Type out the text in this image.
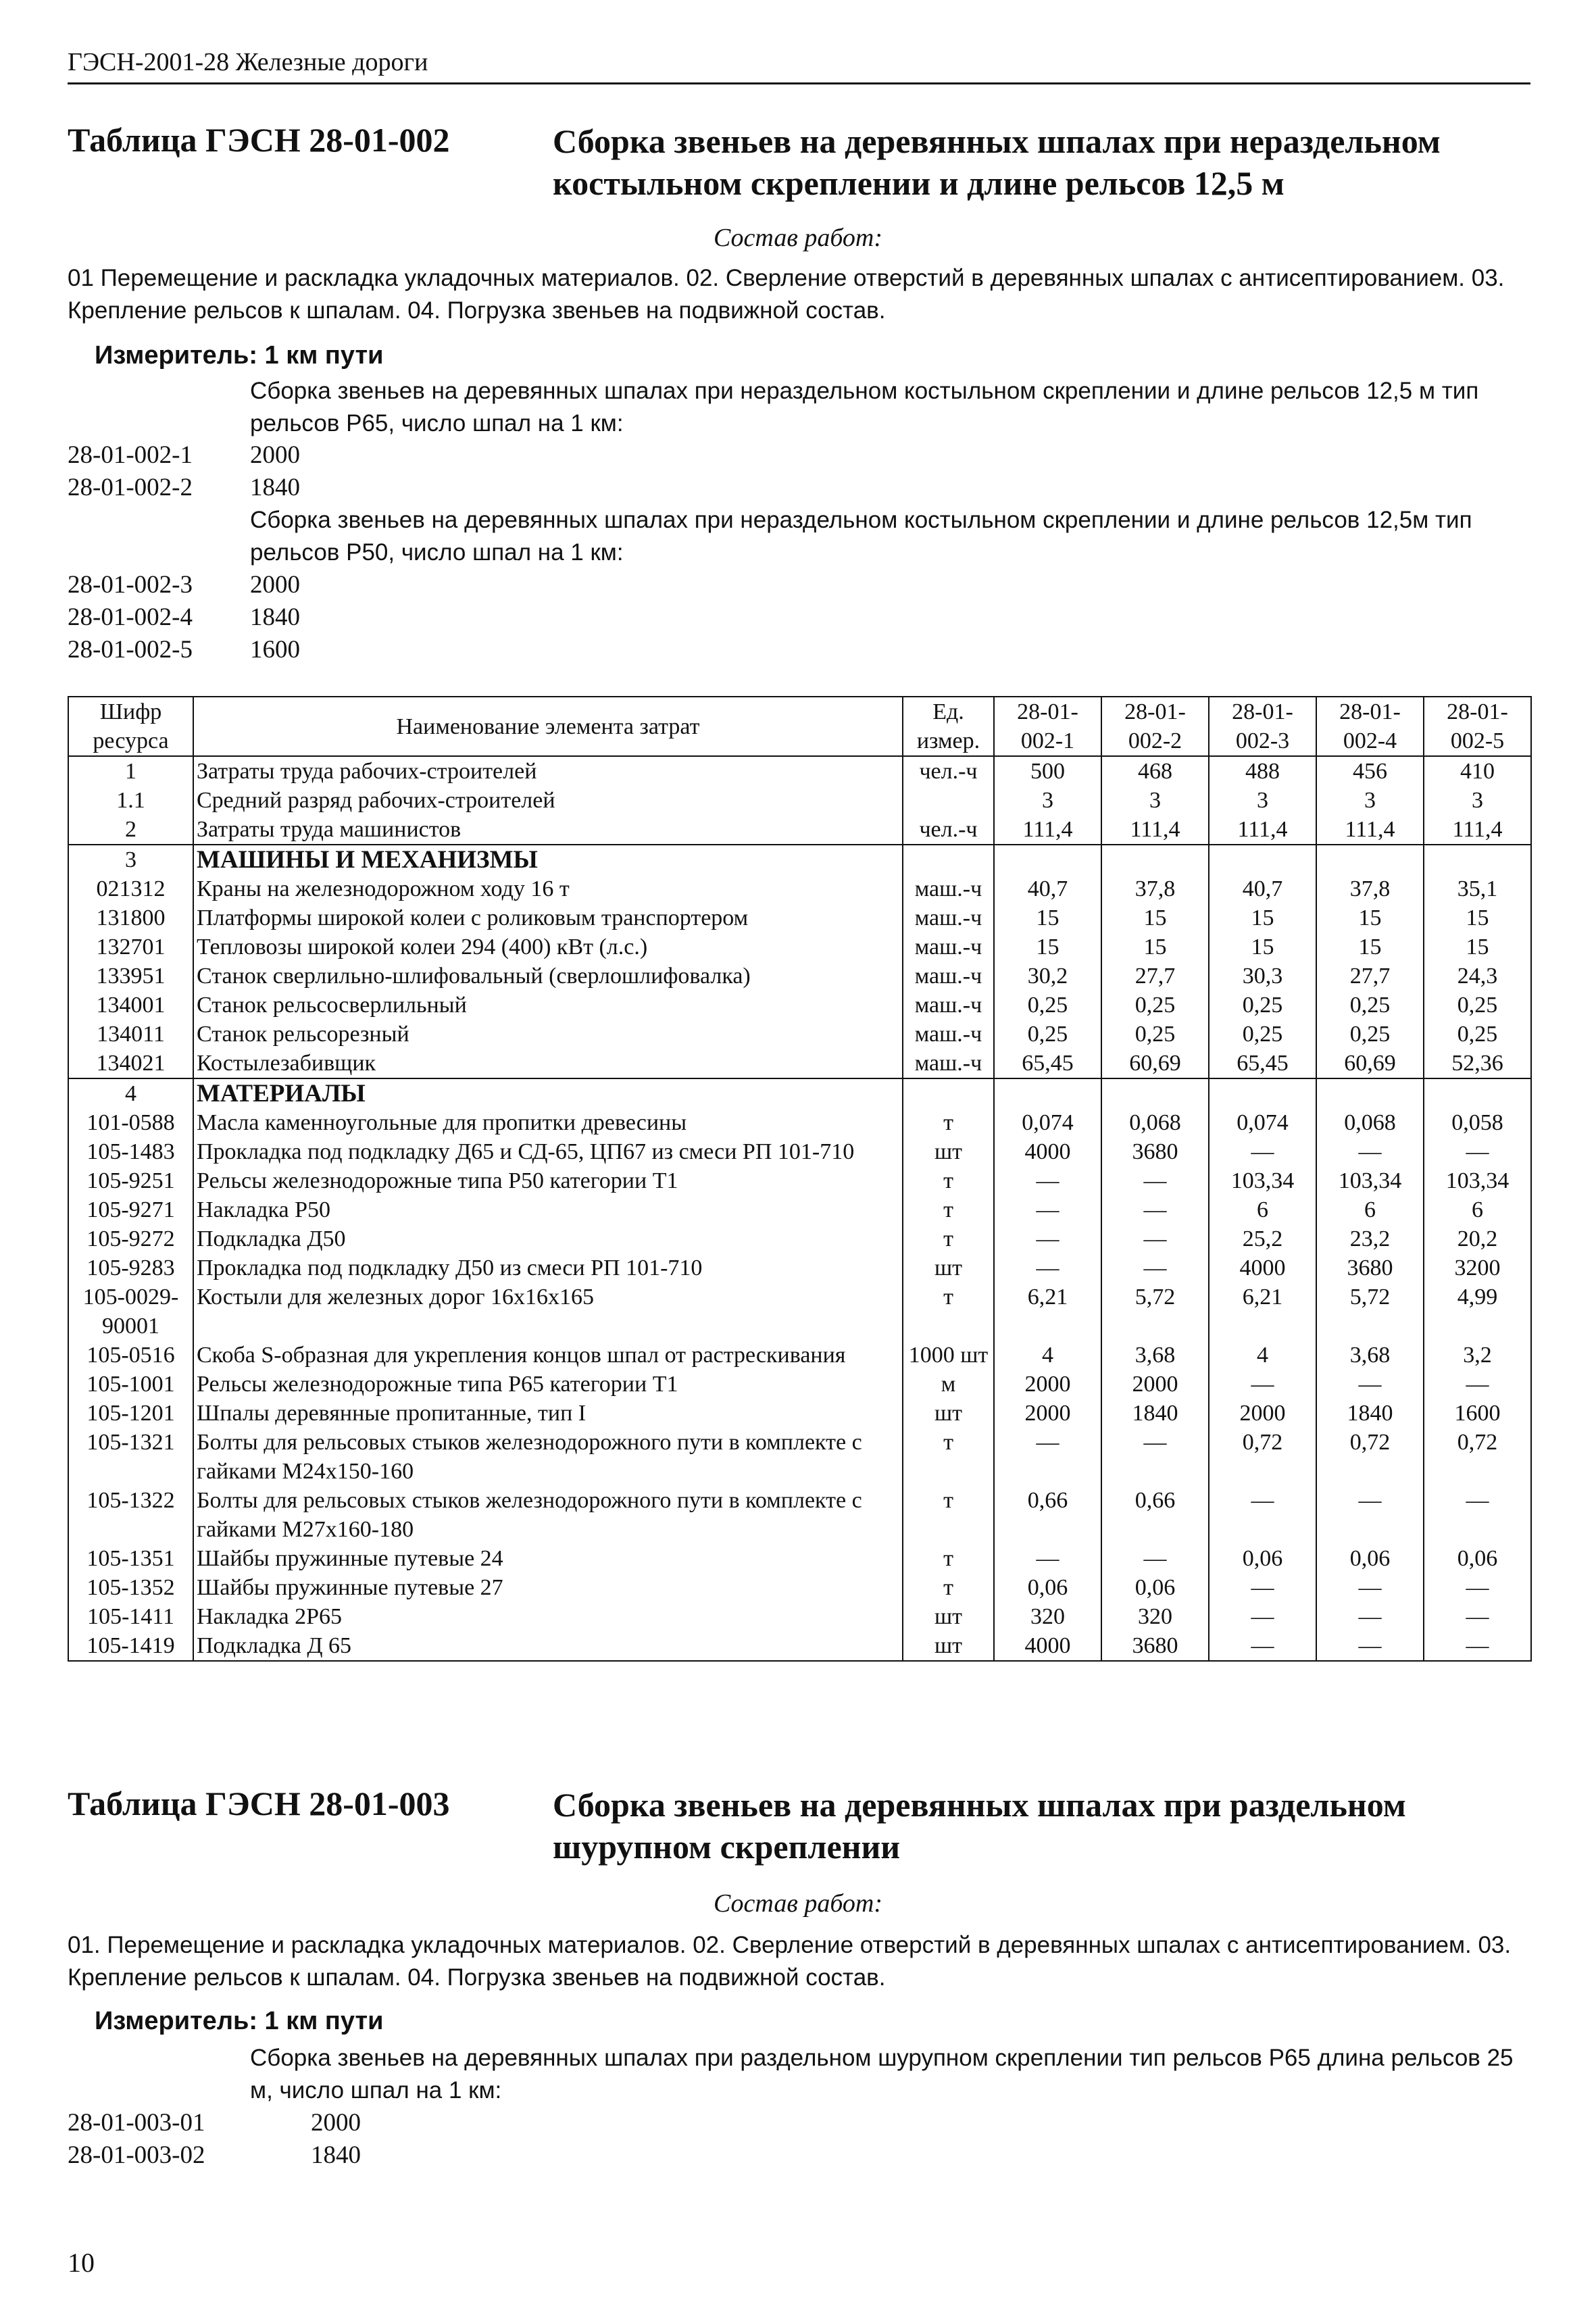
ГЭСН-2001-28 Железные дороги
Таблица ГЭСН 28-01-002	Сборка звеньев на деревянных шпалах при нераздельном костыльном скреплении и длине рельсов 12,5 м
Состав работ:
01 Перемещение и раскладка укладочных материалов. 02. Сверление отверстий в деревянных шпалах с антисептированием. 03. Крепление рельсов к шпалам. 04. Погрузка звеньев на подвижной состав.
Измеритель: 1 км пути
Сборка звеньев на деревянных шпалах при нераздельном костыльном скреплении и длине рельсов 12,5 м тип рельсов Р65, число шпал на 1 км:
28-01-002-1 2000
28-01-002-2 1840
Сборка звеньев на деревянных шпалах при нераздельном костыльном скреплении и длине рельсов 12,5м тип рельсов Р50, число шпал на 1 км:
28-01-002-3 2000
28-01-002-4 1840
28-01-002-5 1600
Шифр ресурса	Наименование элемента затрат	Ед. измер.	28-01-002-1	28-01-002-2	28-01-002-3	28-01-002-4	28-01-002-5
1	Затраты труда рабочих-строителей	чел.-ч	500	468	488	456	410
1.1	Средний разряд рабочих-строителей		3	3	3	3	3
2	Затраты труда машинистов	чел.-ч	111,4	111,4	111,4	111,4	111,4
3	МАШИНЫ И МЕХАНИЗМЫ						
021312	Краны на железнодорожном ходу 16 т	маш.-ч	40,7	37,8	40,7	37,8	35,1
131800	Платформы широкой колеи с роликовым транспортером	маш.-ч	15	15	15	15	15
132701	Тепловозы широкой колеи 294 (400) кВт (л.с.)	маш.-ч	15	15	15	15	15
133951	Станок сверлильно-шлифовальный (сверлошлифовалка)	маш.-ч	30,2	27,7	30,3	27,7	24,3
134001	Станок рельсосверлильный	маш.-ч	0,25	0,25	0,25	0,25	0,25
134011	Станок рельсорезный	маш.-ч	0,25	0,25	0,25	0,25	0,25
134021	Костылезабивщик	маш.-ч	65,45	60,69	65,45	60,69	52,36
4	МАТЕРИАЛЫ						
101-0588	Масла каменноугольные для пропитки древесины	т	0,074	0,068	0,074	0,068	0,058
105-1483	Прокладка под подкладку Д65 и СД-65, ЦП67 из смеси РП 101-710	шт	4000	3680	—	—	—
105-9251	Рельсы железнодорожные типа Р50 категории Т1	т	—	—	103,34	103,34	103,34
105-9271	Накладка Р50	т	—	—	6	6	6
105-9272	Подкладка Д50	т	—	—	25,2	23,2	20,2
105-9283	Прокладка под подкладку Д50 из смеси РП 101-710	шт	—	—	4000	3680	3200
105-0029-90001	Костыли для железных дорог 16х16х165	т	6,21	5,72	6,21	5,72	4,99
105-0516	Скоба S-образная для укрепления концов шпал от растрескивания	1000 шт	4	3,68	4	3,68	3,2
105-1001	Рельсы железнодорожные типа Р65 категории Т1	м	2000	2000	—	—	—
105-1201	Шпалы деревянные пропитанные, тип I	шт	2000	1840	2000	1840	1600
105-1321	Болты для рельсовых стыков железнодорожного пути в комплекте с гайками М24х150-160	т	—	—	0,72	0,72	0,72
105-1322	Болты для рельсовых стыков железнодорожного пути в комплекте с гайками М27х160-180	т	0,66	0,66	—	—	—
105-1351	Шайбы пружинные путевые 24	т	—	—	0,06	0,06	0,06
105-1352	Шайбы пружинные путевые 27	т	0,06	0,06	—	—	—
105-1411	Накладка 2Р65	шт	320	320	—	—	—
105-1419	Подкладка Д 65	шт	4000	3680	—	—	—
Таблица ГЭСН 28-01-003	Сборка звеньев на деревянных шпалах при раздельном шурупном скреплении
Состав работ:
01. Перемещение и раскладка укладочных материалов. 02. Сверление отверстий в деревянных шпалах с антисептированием. 03. Крепление рельсов к шпалам. 04. Погрузка звеньев на подвижной состав.
Измеритель: 1 км пути
Сборка звеньев на деревянных шпалах при раздельном шурупном скреплении тип рельсов Р65 длина рельсов 25 м, число шпал на 1 км:
28-01-003-01	2000
28-01-003-02	1840
10
